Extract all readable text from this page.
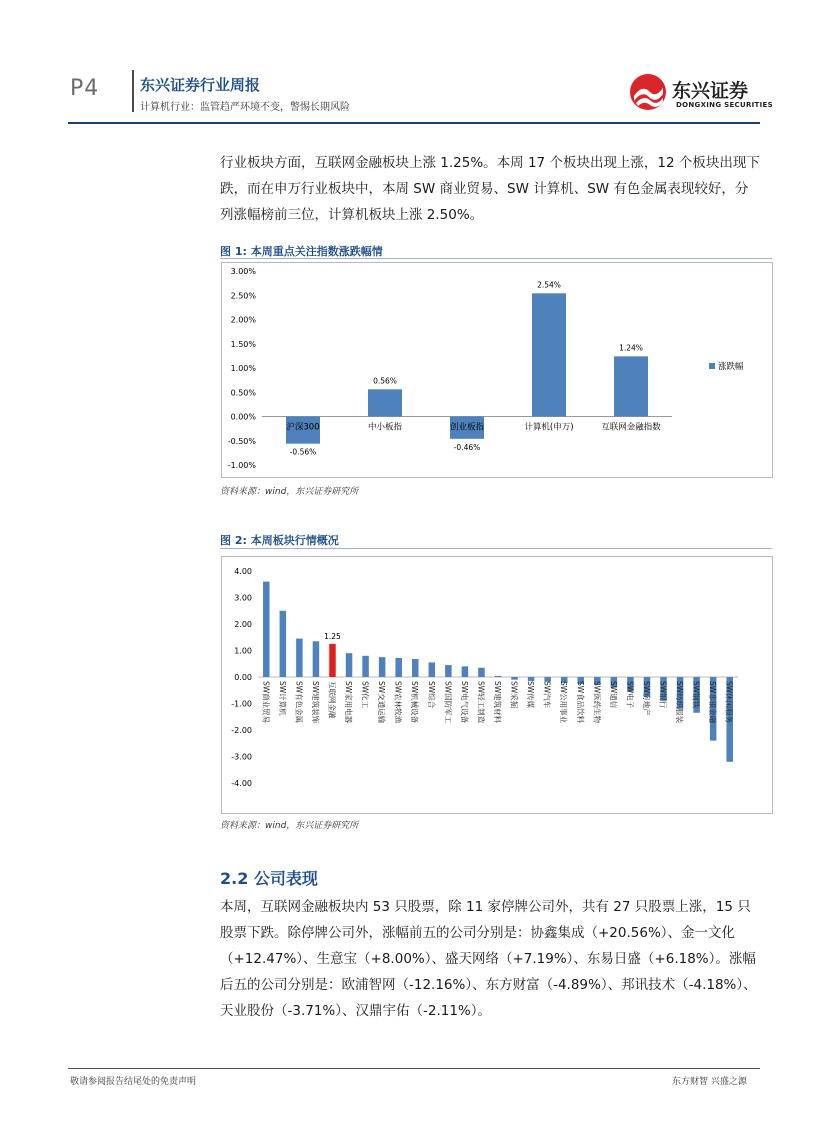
P4	东兴证券行业周报
计算机行业：监管趋严环境不变，警惕长期风险
东兴证券
DONGXING SECURITIES
行业板块方面，互联网金融板块上涨 1.25%。本周 17 个板块出现上涨，12 个板块出现下跌，而在申万行业板块中，本周 SW 商业贸易、SW 计算机、SW 有色金属表现较好，分列涨幅榜前三位，计算机板块上涨 2.50%。
图 1: 本周重点关注指数涨跌幅情
3.00%
2.50%
2.00%
1.50%
1.00%
0.50%
0.00%
-0.50%
-1.00%
-0.56%
沪深300
0.56%
中小板指
-0.46%
创业板指
2.54%
计算机(申万)
1.24%
互联网金融指数
涨跌幅
资料来源：wind，东兴证券研究所
图 2: 本周板块行情概况
4.00
3.00
2.00
1.00
0.00
-1.00
-2.00
-3.00
-4.00
SW商业贸易 SW计算机 SW有色金属 SW建筑装饰
1.25
互联网金融 SW家用电器 SW化工 SW交通运输 SW农林牧渔 SW机械设备 SW综合 SW国防军工 SW电气设备 SW轻工制造 SW建筑材料 SW采掘 SW传媒 SW汽车 SW公用事业 SW食品饮料 SW医药生物 SW通信 SW电子 SW房地产 SW银行 SW纺织服装 SW钢铁 SW非银金融 SW休闲服务
资料来源：wind，东兴证券研究所
2.2 公司表现
本周，互联网金融板块内 53 只股票，除 11 家停牌公司外，共有 27 只股票上涨，15 只股票下跌。除停牌公司外，涨幅前五的公司分别是：协鑫集成（+20.56%）、金一文化（+12.47%）、生意宝（+8.00%）、盛天网络（+7.19%）、东易日盛（+6.18%）。涨幅后五的公司分别是：欧浦智网（-12.16%）、东方财富（-4.89%）、邦讯技术（-4.18%）、天业股份（-3.71%）、汉鼎宇佑（-2.11%）。
敬请参阅报告结尾处的免责声明	东方财智 兴盛之源
